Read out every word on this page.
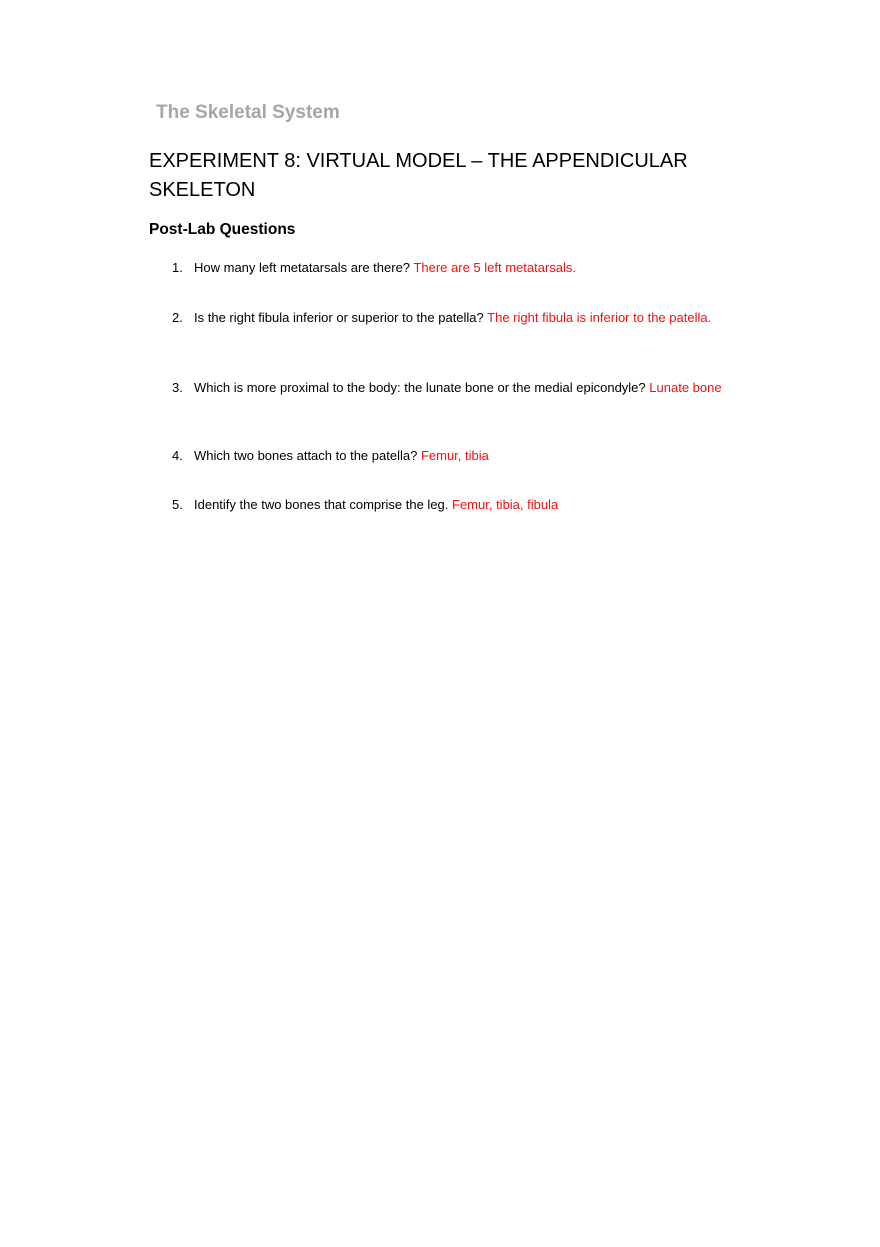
The Skeletal System
EXPERIMENT 8: VIRTUAL MODEL – THE APPENDICULAR SKELETON
Post-Lab Questions
1. How many left metatarsals are there? There are 5 left metatarsals.
2. Is the right fibula inferior or superior to the patella? The right fibula is inferior to the patella.
3. Which is more proximal to the body: the lunate bone or the medial epicondyle? Lunate bone
4. Which two bones attach to the patella? Femur, tibia
5. Identify the two bones that comprise the leg. Femur, tibia, fibula
